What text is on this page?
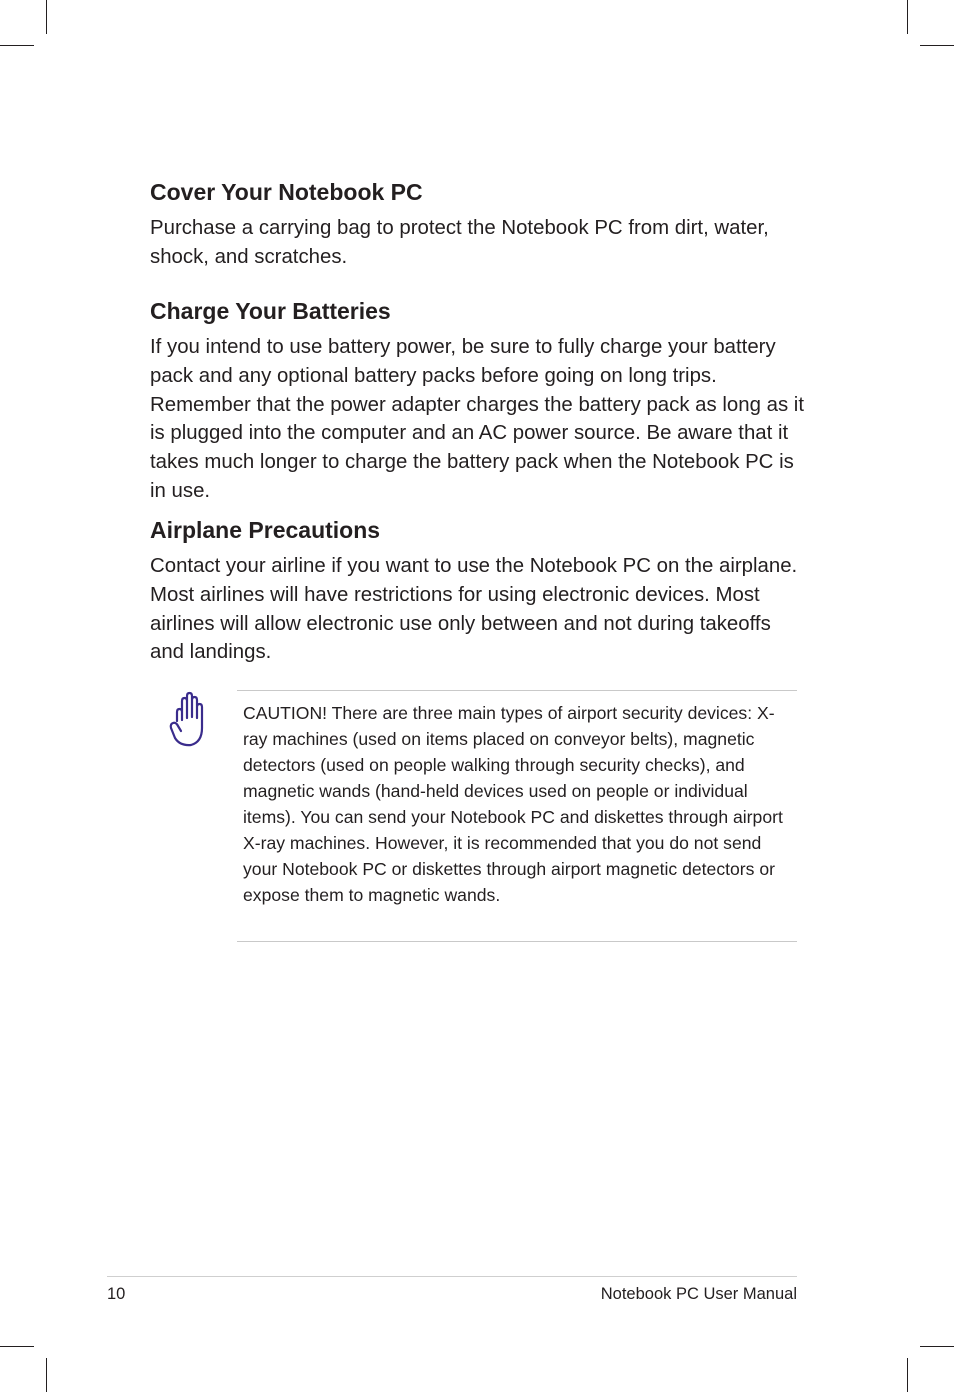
Cover Your Notebook PC

Purchase a carrying bag to protect the Notebook PC from dirt, water, shock, and scratches.

Charge Your Batteries

If you intend to use battery power, be sure to fully charge your battery pack and any optional battery packs before going on long trips. Remember that the power adapter charges the battery pack as long as it is plugged into the computer and an AC power source. Be aware that it takes much longer to charge the battery pack when the Notebook PC is in use.

Airplane Precautions

Contact your airline if you want to use the Notebook PC on the airplane. Most airlines will have restrictions for using electronic devices. Most airlines will allow electronic use only between and not during takeoffs and landings.

CAUTION! There are three main types of airport security devices: X-ray machines (used on items placed on conveyor belts), magnetic detectors (used on people walking through security checks), and magnetic wands (hand-held devices used on people or individual items). You can send your Notebook PC and diskettes through airport X-ray machines. However, it is recommended that you do not send your Notebook PC or diskettes through airport magnetic detectors or expose them to magnetic wands.

10	Notebook PC User Manual
